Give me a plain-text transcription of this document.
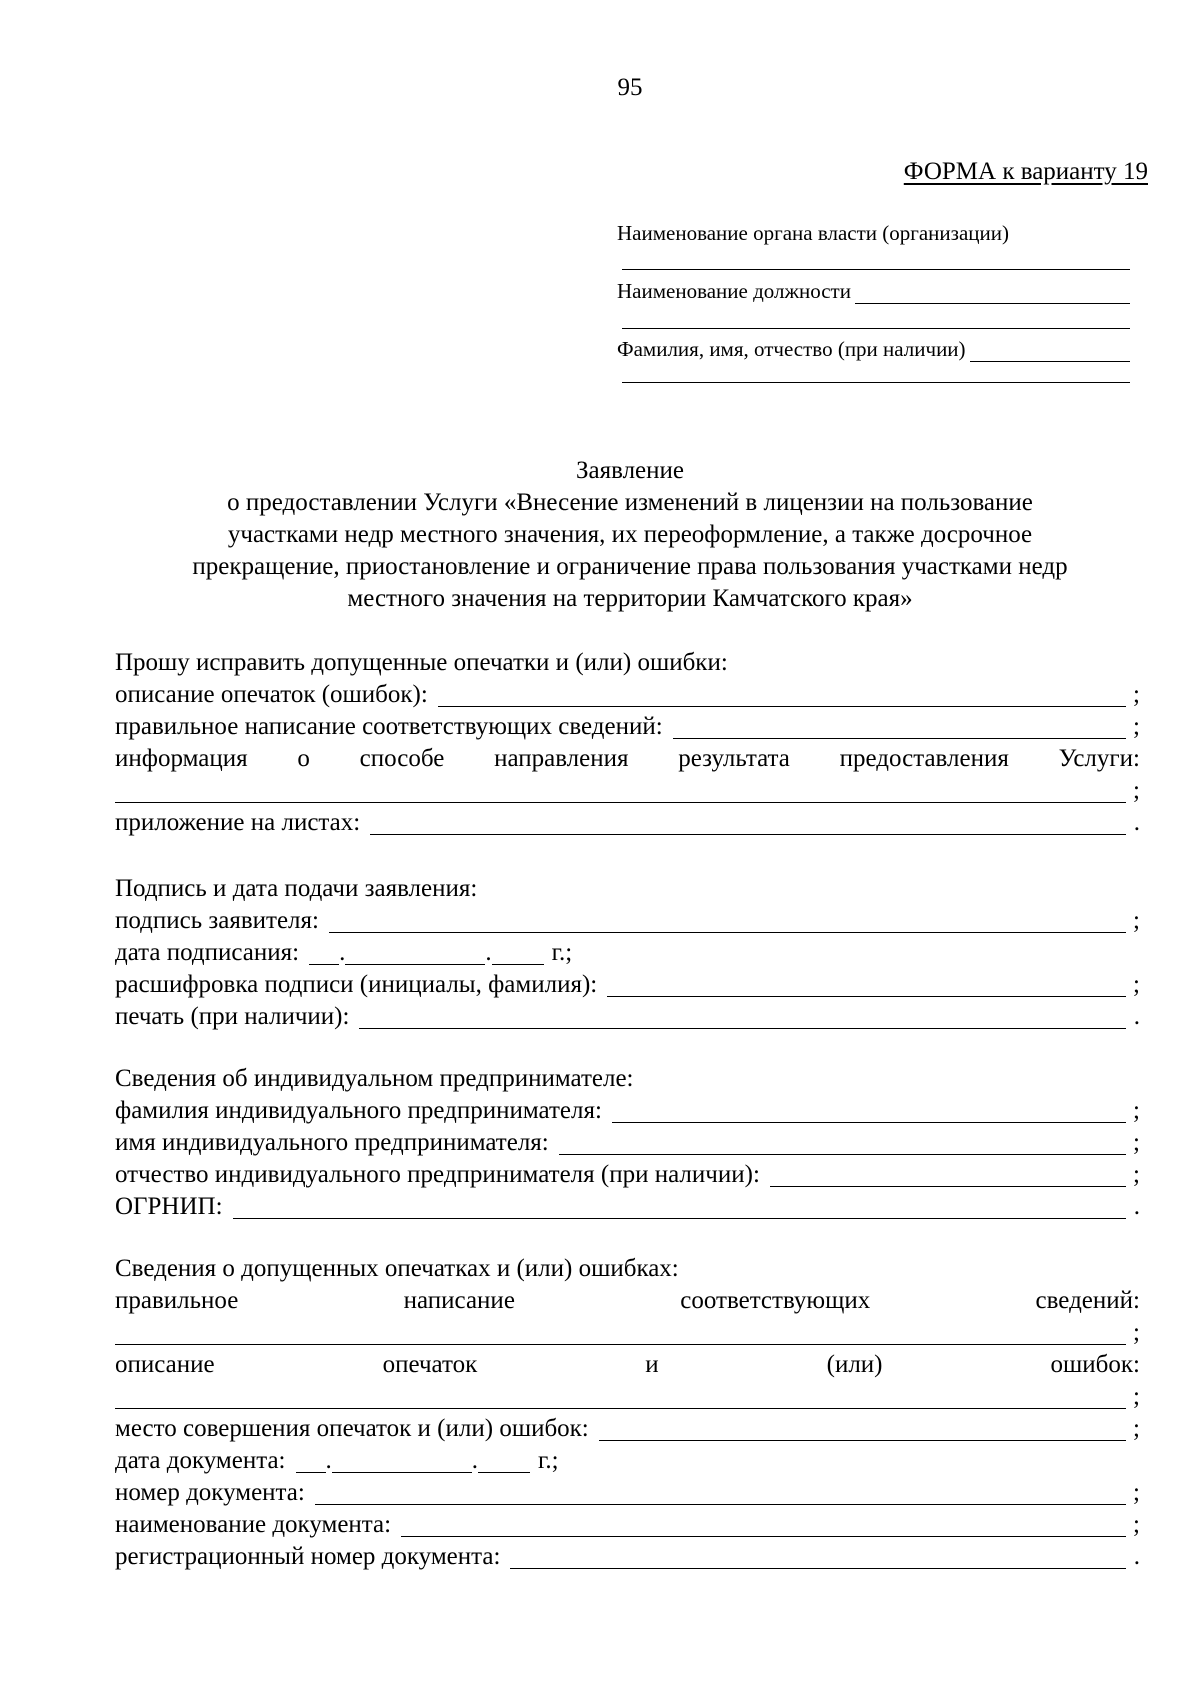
95
ФОРМА к варианту 19
Наименование органа власти (организации)
Наименование должности
Фамилия, имя, отчество (при наличии)
Заявление
о предоставлении Услуги «Внесение изменений в лицензии на пользование
участками недр местного значения, их переоформление, а также досрочное
прекращение, приостановление и ограничение права пользования участками недр
местного значения на территории Камчатского края»
Прошу исправить допущенные опечатки и (или) ошибки:
описание опечаток (ошибок):	;
правильное написание соответствующих сведений:	;
информация о способе направления результата предоставления Услуги:
;
приложение на листах:	.
Подпись и дата подачи заявления:
подпись заявителя:	;
дата подписания:	.	.	г.;
расшифровка подписи (инициалы, фамилия):	;
печать (при наличии):	.
Сведения об индивидуальном предпринимателе:
фамилия индивидуального предпринимателя:	;
имя индивидуального предпринимателя:	;
отчество индивидуального предпринимателя (при наличии):	;
ОГРНИП:	.
Сведения о допущенных опечатках и (или) ошибках:
правильное	написание	соответствующих	сведений:
;
описание	опечаток	и	(или)	ошибок:
;
место совершения опечаток и (или) ошибок:	;
дата документа:	.	.	г.;
номер документа:	;
наименование документа:	;
регистрационный номер документа:	.
